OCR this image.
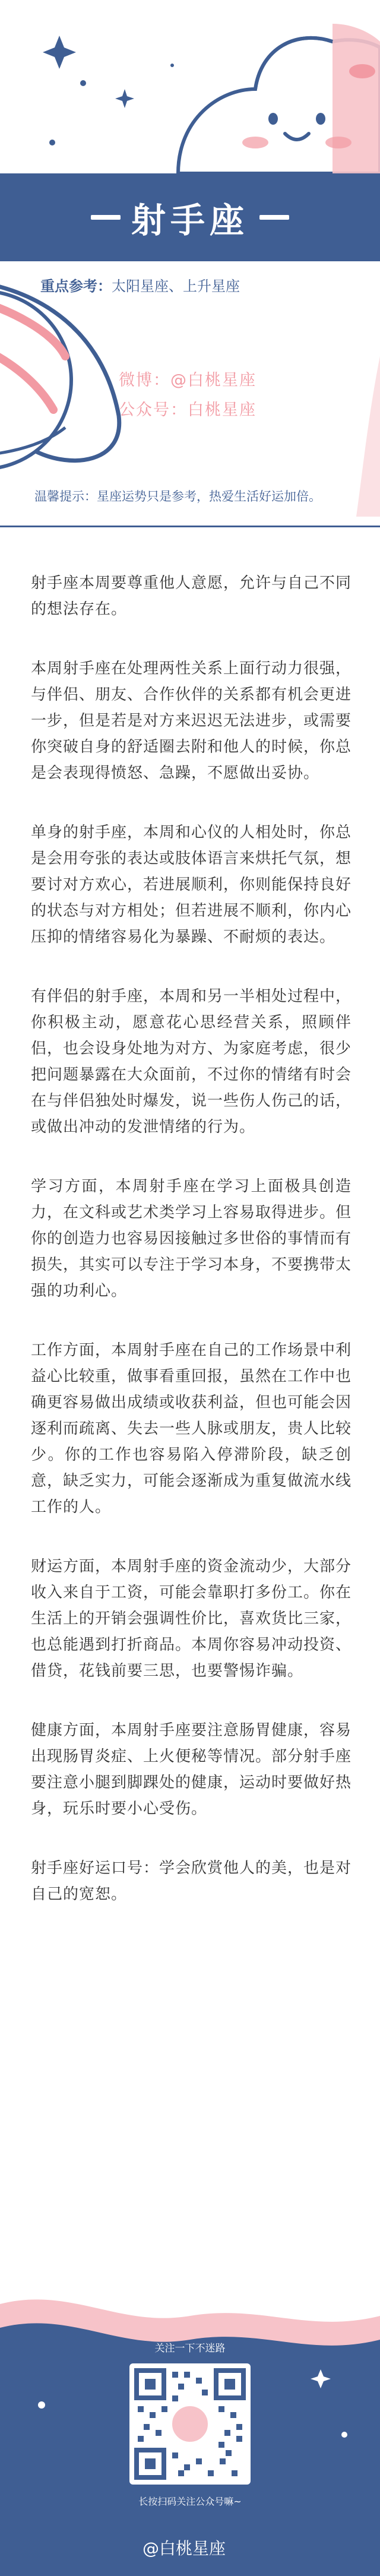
射手座
重点参考：太阳星座、上升星座
微博：@白桃星座
公众号：白桃星座
温馨提示：星座运势只是参考，热爱生活好运加倍。

射手座本周要尊重他人意愿，允许与自己不同的想法存在。

本周射手座在处理两性关系上面行动力很强，与伴侣、朋友、合作伙伴的关系都有机会更进一步，但是若是对方来迟迟无法进步，或需要你突破自身的舒适圈去附和他人的时候，你总是会表现得愤怒、急躁，不愿做出妥协。

单身的射手座，本周和心仪的人相处时，你总是会用夸张的表达或肢体语言来烘托气氛，想要讨对方欢心，若进展顺利，你则能保持良好的状态与对方相处；但若进展不顺利，你内心压抑的情绪容易化为暴躁、不耐烦的表达。

有伴侣的射手座，本周和另一半相处过程中，你积极主动，愿意花心思经营关系，照顾伴侣，也会设身处地为对方、为家庭考虑，很少把问题暴露在大众面前，不过你的情绪有时会在与伴侣独处时爆发，说一些伤人伤己的话，或做出冲动的发泄情绪的行为。

学习方面，本周射手座在学习上面极具创造力，在文科或艺术类学习上容易取得进步。但你的创造力也容易因接触过多世俗的事情而有损失，其实可以专注于学习本身，不要携带太强的功利心。

工作方面，本周射手座在自己的工作场景中利益心比较重，做事看重回报，虽然在工作中也确更容易做出成绩或收获利益，但也可能会因逐利而疏离、失去一些人脉或朋友，贵人比较少。你的工作也容易陷入停滞阶段，缺乏创意，缺乏实力，可能会逐渐成为重复做流水线工作的人。

财运方面，本周射手座的资金流动少，大部分收入来自于工资，可能会靠职打多份工。你在生活上的开销会强调性价比，喜欢货比三家，也总能遇到打折商品。本周你容易冲动投资、借贷，花钱前要三思，也要警惕诈骗。

健康方面，本周射手座要注意肠胃健康，容易出现肠胃炎症、上火便秘等情况。部分射手座要注意小腿到脚踝处的健康，运动时要做好热身，玩乐时要小心受伤。

射手座好运口号：学会欣赏他人的美，也是对自己的宽恕。

关注一下不迷路
长按扫码关注公众号嘛~
@白桃星座
